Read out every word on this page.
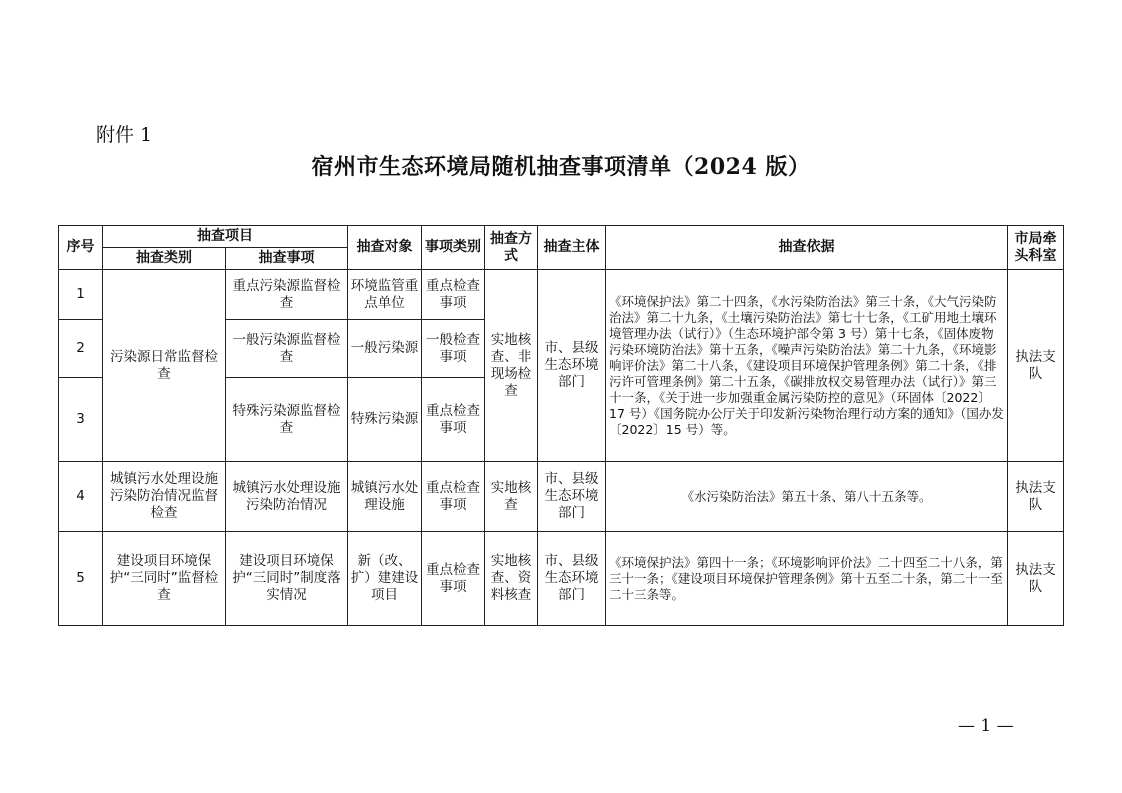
附件 1
宿州市生态环境局随机抽查事项清单（2024 版）
序号	抽查项目		抽查对象	事项类别	抽查方式	抽查主体	抽查依据	市局牵头科室
	抽查类别	抽查事项						
1	污染源日常监督检查	重点污染源监督检查	环境监管重点单位	重点检查事项	实地核查、非现场检查	市、县级生态环境部门	《环境保护法》第二十四条，《水污染防治法》第三十条，《大气污染防治法》第二十九条，《土壤污染防治法》第七十七条，《工矿用地土壤环境管理办法（试行）》（生态环境护部令第 3 号）第十七条，《固体废物污染环境防治法》第十五条，《噪声污染防治法》第二十九条，《环境影响评价法》第二十八条，《建设项目环境保护管理条例》第二十条，《排污许可管理条例》第二十五条，《碳排放权交易管理办法（试行）》第三十一条，《关于进一步加强重金属污染防控的意见》（环固体〔2022〕17 号）《国务院办公厅关于印发新污染物治理行动方案的通知》（国办发〔2022〕15 号）等。	执法支队
2		一般污染源监督检查	一般污染源	一般检查事项				
3		特殊污染源监督检查	特殊污染源	重点检查事项				
4	城镇污水处理设施污染防治情况监督检查	城镇污水处理设施污染防治情况	城镇污水处理设施	重点检查事项	实地核查	市、县级生态环境部门	《水污染防治法》第五十条、第八十五条等。	执法支队
5	建设项目环境保护“三同时”监督检查	建设项目环境保护“三同时”制度落实情况	新（改、扩）建建设项目	重点检查事项	实地核查、资料核查	市、县级生态环境部门	《环境保护法》第四十一条；《环境影响评价法》二十四至二十八条，第三十一条；《建设项目环境保护管理条例》第十五至二十条，第二十一至二十三条等。	执法支队
— 1 —
